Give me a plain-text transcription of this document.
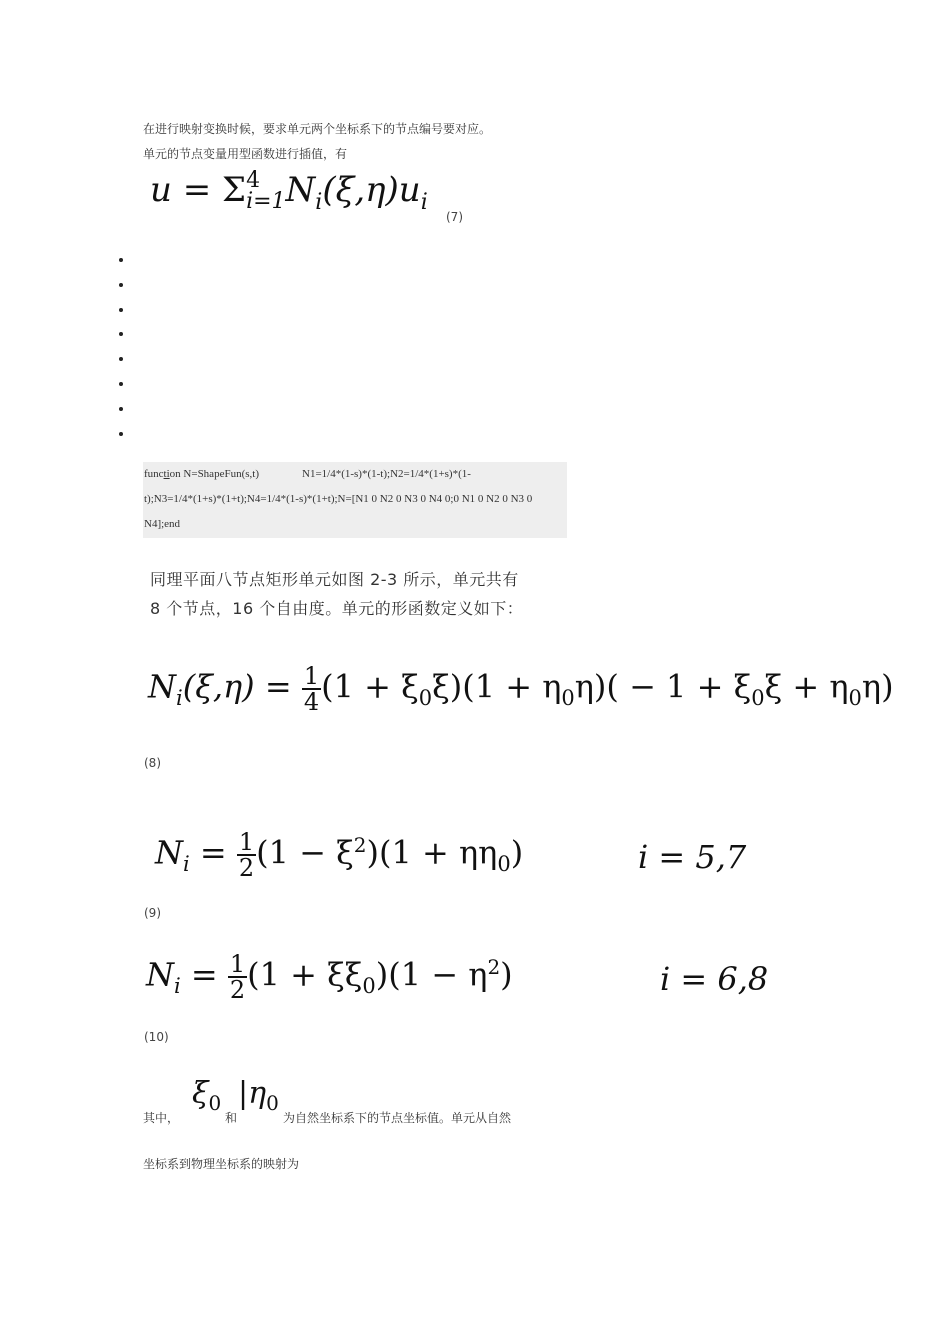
在进行映射变换时候，要求单元两个坐标系下的节点编号要对应。
单元的节点变量用型函数进行插值，有
u = Σ 4
i=1 $N_i(\xi,\eta)u_i$
(7)
function N=ShapeFun(s,t)	N1=1/4*(1-s)*(1-t);N2=1/4*(1+s)*(1-
t);N3=1/4*(1+s)*(1+t);N4=1/4*(1-s)*(1+t);N=[N1 0 N2 0 N3 0 N4 0;0 N1 0 N2 0 N3 0
N4];end
同理平面八节点矩形单元如图 2-3 所示，单元共有
8 个节点，16 个自由度。单元的形函数定义如下：
$N_i(\xi,\eta) = \frac{1}{4} (1 + \xi_0\xi)(1 + \eta_0\eta)( - 1 + \xi_0\xi + \eta_0\eta)$
(8)
$N_i = \frac{1}{2} (1 - \xi^2)(1 + \eta\eta_0)$	i = 5,7
(9)
$N_i = \frac{1}{2} (1 + \xi\xi_0)(1 - \eta^2)$	i = 6,8
(10)
其中，
$\xi_0$
和
$|\eta_0$
为自然坐标系下的节点坐标值。单元从自然
坐标系到物理坐标系的映射为
